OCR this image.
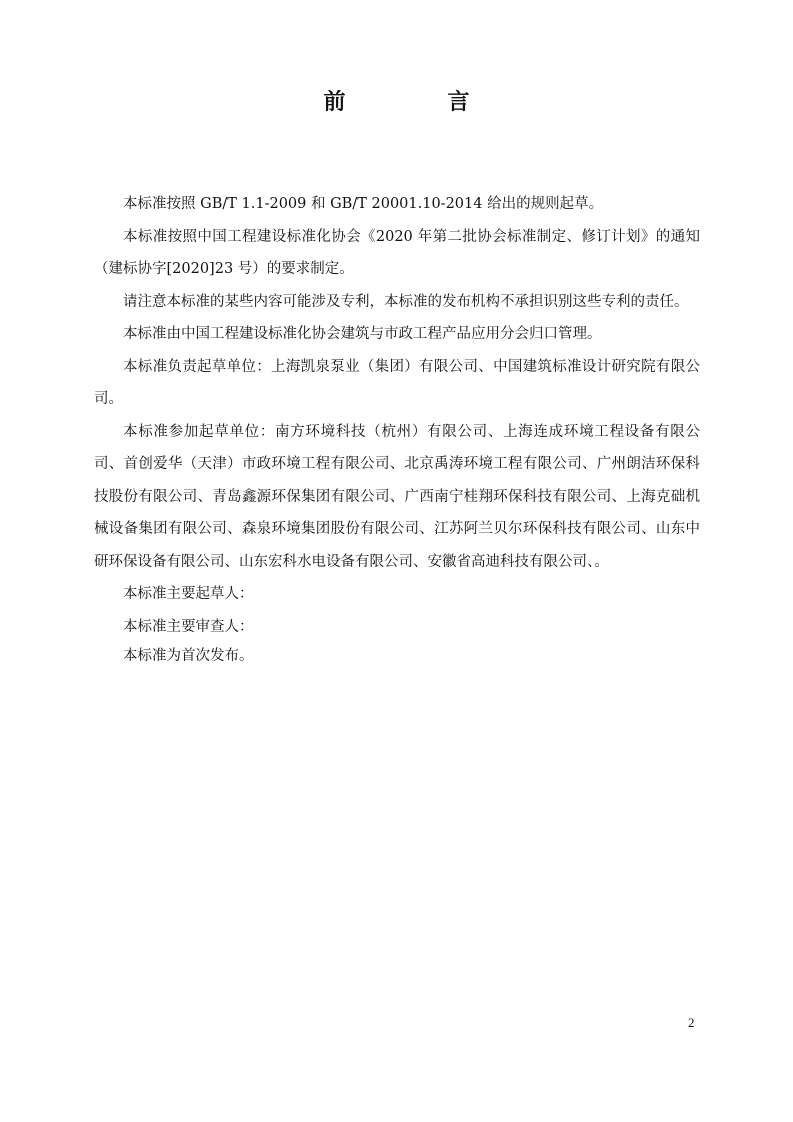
前　言

本标准按照 GB/T 1.1-2009 和 GB/T 20001.10-2014 给出的规则起草。

本标准按照中国工程建设标准化协会《2020 年第二批协会标准制定、修订计划》的通知（建标协字[2020]23 号）的要求制定。

请注意本标准的某些内容可能涉及专利，本标准的发布机构不承担识别这些专利的责任。

本标准由中国工程建设标准化协会建筑与市政工程产品应用分会归口管理。

本标准负责起草单位：上海凯泉泵业（集团）有限公司、中国建筑标准设计研究院有限公司。

本标准参加起草单位：南方环境科技（杭州）有限公司、上海连成环境工程设备有限公司、首创爱华（天津）市政环境工程有限公司、北京禹涛环境工程有限公司、广州朗洁环保科技股份有限公司、青岛鑫源环保集团有限公司、广西南宁桂翔环保科技有限公司、上海克础机械设备集团有限公司、森泉环境集团股份有限公司、江苏阿兰贝尔环保科技有限公司、山东中研环保设备有限公司、山东宏科水电设备有限公司、安徽省高迪科技有限公司、。

本标准主要起草人：

本标准主要审查人：

本标准为首次发布。

2
